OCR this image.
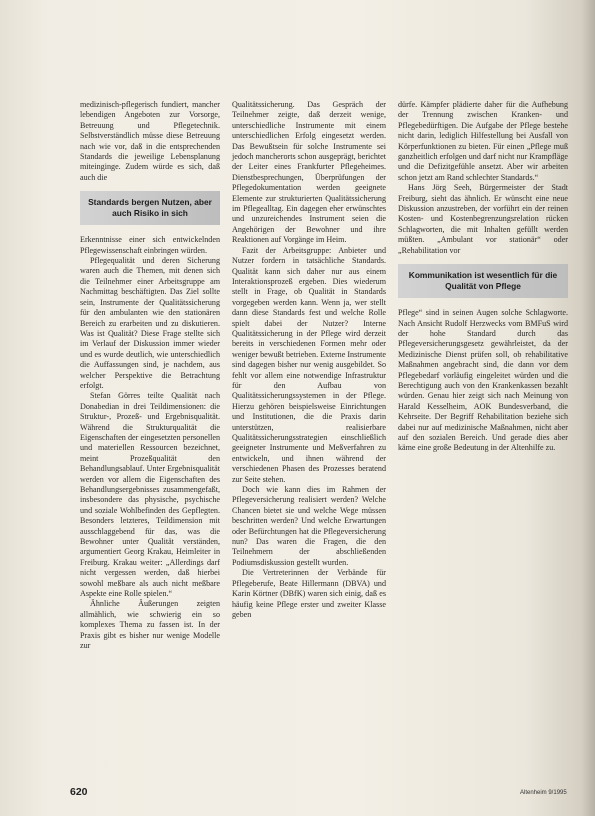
medizinisch-pflegerisch fundiert, mancher lebendigen Angeboten zur Vorsorge, Betreuung und Pflegetechnik. Selbstverständlich müsse diese Betreuung nach wie vor, daß in die entsprechenden Standards die jeweilige Lebensplanung miteinginge. Zudem würde es sich, daß auch die

Standards bergen Nutzen, aber auch Risiko in sich

Erkenntnisse einer sich entwickelnden Pflegewissenschaft einbringen würden.

Pflegequalität und deren Sicherung waren auch die Themen, mit denen sich die Teilnehmer einer Arbeitsgruppe am Nachmittag beschäftigten. Das Ziel sollte sein, Instrumente der Qualitätssicherung für den ambulanten wie den stationären Bereich zu erarbeiten und zu diskutieren. Was ist Qualität? Diese Frage stellte sich im Verlauf der Diskussion immer wieder und es wurde deutlich, wie unterschiedlich die Auffassungen sind, je nachdem, aus welcher Perspektive die Betrachtung erfolgt.

Stefan Görres teilte Qualität nach Donabedian in drei Teildimensionen: die Struktur-, Prozeß- und Ergebnisqualität. Während die Strukturqualität die Eigenschaften der eingesetzten personellen und materiellen Ressourcen bezeichnet, meint Prozeßqualität den Behandlungsablauf. Unter Ergebnisqualität werden vor allem die Eigenschaften des Behandlungsergebnisses zusammengefaßt, insbesondere das physische, psychische und soziale Wohlbefinden des Gepflegten. Besonders letzteres, Teildimension mit ausschlaggebend für das, was die Bewohner unter Qualität verständen, argumentiert Georg Krakau, Heimleiter in Freiburg. Krakau weiter: „Allerdings darf nicht vergessen werden, daß hierbei sowohl meßbare als auch nicht meßbare Aspekte eine Rolle spielen.“

Ähnliche Äußerungen zeigten allmählich, wie schwierig ein so komplexes Thema zu fassen ist. In der Praxis gibt es bisher nur wenige Modelle zur

Qualitätssicherung. Das Gespräch der Teilnehmer zeigte, daß derzeit wenige, unterschiedliche Instrumente mit einem unterschiedlichen Erfolg eingesetzt werden. Das Bewußtsein für solche Instrumente sei jedoch mancherorts schon ausgeprägt, berichtet der Leiter eines Frankfurter Pflegeheimes. Dienstbesprechungen, Überprüfungen der Pflegedokumentation werden geeignete Elemente zur strukturierten Qualitätssicherung im Pflegealltag. Ein dagegen eher erwünschtes und unzureichendes Instrument seien die Angehörigen der Bewohner und ihre Reaktionen auf Vorgänge im Heim.

Fazit der Arbeitsgruppe: Anbieter und Nutzer fordern in tatsächliche Standards. Qualität kann sich daher nur aus einem Interaktionsprozeß ergeben. Dies wiederum stellt in Frage, ob Qualität in Standards vorgegeben werden kann. Wenn ja, wer stellt dann diese Standards fest und welche Rolle spielt dabei der Nutzer? Interne Qualitätssicherung in der Pflege wird derzeit bereits in verschiedenen Formen mehr oder weniger bewußt betrieben. Externe Instrumente sind dagegen bisher nur wenig ausgebildet. So fehlt vor allem eine notwendige Infrastruktur für den Aufbau von Qualitätssicherungssystemen in der Pflege. Hierzu gehören beispielsweise Einrichtungen und Institutionen, die die Praxis darin unterstützen, realisierbare Qualitätssicherungsstrategien einschließlich geeigneter Instrumente und Meßverfahren zu entwickeln, und ihnen während der verschiedenen Phasen des Prozesses beratend zur Seite stehen.

Doch wie kann dies im Rahmen der Pflegeversicherung realisiert werden? Welche Chancen bietet sie und welche Wege müssen beschritten werden? Und welche Erwartungen oder Befürchtungen hat die Pflegeversicherung nun? Das waren die Fragen, die den Teilnehmern der abschließenden Podiumsdiskussion gestellt wurden.

Die Vertreterinnen der Verbände für Pflegeberufe, Beate Hillermann (DBVA) und Karin Körtner (DBfK) waren sich einig, daß es häufig keine Pflege erster und zweiter Klasse geben

dürfe. Kämpfer plädierte daher für die Aufhebung der Trennung zwischen Kranken- und Pflegebedürftigen. Die Aufgabe der Pflege bestehe nicht darin, lediglich Hilfestellung bei Ausfall von Körperfunktionen zu bieten. Für einen „Pflege muß ganzheitlich erfolgen und darf nicht nur Krampfläge und die Defizitgefühle ansetzt. Aber wir arbeiten schon jetzt am Rand schlechter Standards.“

Hans Jörg Seeh, Bürgermeister der Stadt Freiburg, sieht das ähnlich. Er wünscht eine neue Diskussion anzustreben, der vorführt ein der reinen Kosten- und Kostenbegrenzungsrelation rücken Schlagworten, die mit Inhalten gefüllt werden müßten. „Ambulant vor stationär“ oder „Rehabilitation vor

Kommunikation ist wesentlich für die Qualität von Pflege

Pflege“ sind in seinen Augen solche Schlagworte. Nach Ansicht Rudolf Herzwecks vom BMFuS wird der hohe Standard durch das Pflegeversicherungsgesetz gewährleistet, da der Medizinische Dienst prüfen soll, ob rehabilitative Maßnahmen angebracht sind, die dann vor dem Pflegebedarf vorläufig eingeleitet würden und die Berechtigung auch von den Krankenkassen bezahlt würden. Genau hier zeigt sich nach Meinung von Harald Kesselheim, AOK Bundesverband, die Kehrseite. Der Begriff Rehabilitation beziehe sich dabei nur auf medizinische Maßnahmen, nicht aber auf den sozialen Bereich. Und gerade dies aber käme eine große Bedeutung in der Altenhilfe zu.

620	Altenheim 9/1995
